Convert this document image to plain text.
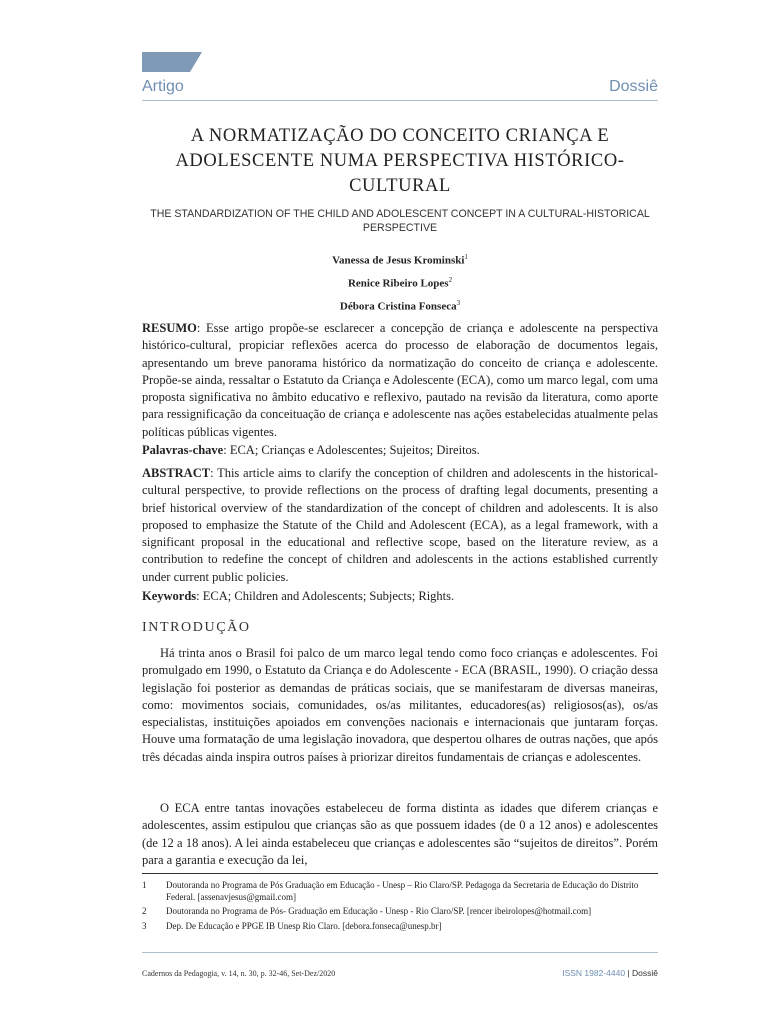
Artigo	Dossiê
A NORMATIZAÇÃO DO CONCEITO CRIANÇA E ADOLESCENTE NUMA PERSPECTIVA HISTÓRICO-CULTURAL

THE STANDARDIZATION OF THE CHILD AND ADOLESCENT CONCEPT IN A CULTURAL-HISTORICAL PERSPECTIVE

Vanessa de Jesus Krominski$^1$
Renice Ribeiro Lopes$^2$
Débora Cristina Fonseca$^3$

RESUMO: Esse artigo propõe-se esclarecer a concepção de criança e adolescente na perspectiva histórico-cultural, propiciar reflexões acerca do processo de elaboração de documentos legais, apresentando um breve panorama histórico da normatização do conceito de criança e adolescente. Propõe-se ainda, ressaltar o Estatuto da Criança e Adolescente (ECA), como um marco legal, com uma proposta significativa no âmbito educativo e reflexivo, pautado na revisão da literatura, como aporte para ressignificação da conceituação de criança e adolescente nas ações estabelecidas atualmente pelas políticas públicas vigentes.

Palavras-chave: ECA; Crianças e Adolescentes; Sujeitos; Direitos.

ABSTRACT: This article aims to clarify the conception of children and adolescents in the historical-cultural perspective, to provide reflections on the process of drafting legal documents, presenting a brief historical overview of the standardization of the concept of children and adolescents. It is also proposed to emphasize the Statute of the Child and Adolescent (ECA), as a legal framework, with a significant proposal in the educational and reflective scope, based on the literature review, as a contribution to redefine the concept of children and adolescents in the actions established currently under current public policies.

Keywords: ECA; Children and Adolescents; Subjects; Rights.

INTRODUÇÃO

Há trinta anos o Brasil foi palco de um marco legal tendo como foco crianças e adolescentes. Foi promulgado em 1990, o Estatuto da Criança e do Adolescente - ECA (BRASIL, 1990). O criação dessa legislação foi posterior as demandas de práticas sociais, que se manifestaram de diversas maneiras, como: movimentos sociais, comunidades, os/as militantes, educadores(as) religiosos(as), os/as especialistas, instituições apoiados em convenções nacionais e internacionais que juntaram forças. Houve uma formatação de uma legislação inovadora, que despertou olhares de outras nações, que após três décadas ainda inspira outros países à priorizar direitos fundamentais de crianças e adolescentes.

O ECA entre tantas inovações estabeleceu de forma distinta as idades que diferem crianças e adolescentes, assim estipulou que crianças são as que possuem idades (de 0 a 12 anos) e adolescentes (de 12 a 18 anos). A lei ainda estabeleceu que crianças e adolescentes são “sujeitos de direitos”. Porém para a garantia e execução da lei,

1	Doutoranda no Programa de Pós Graduação em Educação - Unesp – Rio Claro/SP. Pedagoga da Secretaria de Educação do Distrito Federal. [assenavjesus@gmail.com]
2	Doutoranda no Programa de Pós- Graduação em Educação - Unesp - Rio Claro/SP. [rencer ibeirolopes@hotmail.com]
3	Dep. De Educação e PPGE IB Unesp Rio Claro. [debora.fonseca@unesp.br]
Cadernos da Pedagogia, v. 14, n. 30, p. 32-46, Set-Dez/2020	ISSN 1982-4440 | Dossiê
